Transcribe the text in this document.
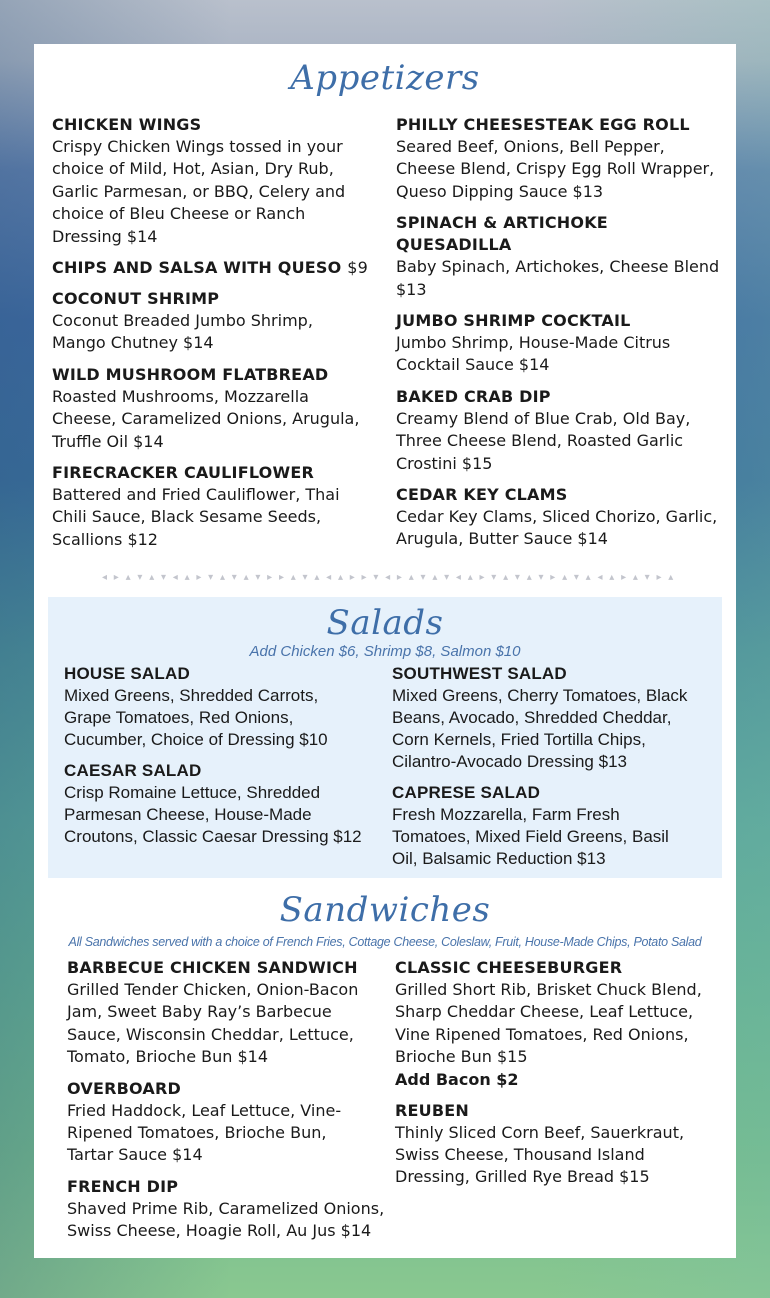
Appetizers
CHICKEN WINGS
Crispy Chicken Wings tossed in your choice of Mild, Hot, Asian, Dry Rub, Garlic Parmesan, or BBQ, Celery and choice of Bleu Cheese or Ranch Dressing $14
CHIPS AND SALSA WITH QUESO $9
COCONUT SHRIMP
Coconut Breaded Jumbo Shrimp, Mango Chutney $14
WILD MUSHROOM FLATBREAD
Roasted Mushrooms, Mozzarella Cheese, Caramelized Onions, Arugula, Truffle Oil $14
FIRECRACKER CAULIFLOWER
Battered and Fried Cauliflower, Thai Chili Sauce, Black Sesame Seeds, Scallions $12
PHILLY CHEESESTEAK EGG ROLL
Seared Beef, Onions, Bell Pepper, Cheese Blend, Crispy Egg Roll Wrapper, Queso Dipping Sauce $13
SPINACH & ARTICHOKE QUESADILLA
Baby Spinach, Artichokes, Cheese Blend $13
JUMBO SHRIMP COCKTAIL
Jumbo Shrimp, House-Made Citrus Cocktail Sauce $14
BAKED CRAB DIP
Creamy Blend of Blue Crab, Old Bay, Three Cheese Blend, Roasted Garlic Crostini $15
CEDAR KEY CLAMS
Cedar Key Clams, Sliced Chorizo, Garlic, Arugula, Butter Sauce $14
◂ ▸ ▴ ▾ ▴ ▾ ◂ ▴ ▸ ▾ ▴ ▾ ▴ ▾ ▸ ▸ ▴ ▾ ▴ ◂ ▴ ▸ ▸ ▾ ◂ ▸ ▴ ▾ ▴ ▾ ◂ ▴ ▸ ▾ ▴ ▾ ▴ ▾ ▸ ▴ ▾ ▴ ◂ ▴ ▸ ▴ ▾ ▸ ▴
Salads
Add Chicken $6, Shrimp $8, Salmon $10
HOUSE SALAD
Mixed Greens, Shredded Carrots, Grape Tomatoes, Red Onions, Cucumber, Choice of Dressing $10
CAESAR SALAD
Crisp Romaine Lettuce, Shredded Parmesan Cheese, House-Made Croutons, Classic Caesar Dressing $12
SOUTHWEST SALAD
Mixed Greens, Cherry Tomatoes, Black Beans, Avocado, Shredded Cheddar, Corn Kernels, Fried Tortilla Chips, Cilantro-Avocado Dressing $13
CAPRESE SALAD
Fresh Mozzarella, Farm Fresh Tomatoes, Mixed Field Greens, Basil Oil, Balsamic Reduction $13
Sandwiches
All Sandwiches served with a choice of French Fries, Cottage Cheese, Coleslaw, Fruit, House-Made Chips, Potato Salad
BARBECUE CHICKEN SANDWICH
Grilled Tender Chicken, Onion-Bacon Jam, Sweet Baby Ray’s Barbecue Sauce, Wisconsin Cheddar, Lettuce, Tomato, Brioche Bun $14
OVERBOARD
Fried Haddock, Leaf Lettuce, Vine-Ripened Tomatoes, Brioche Bun, Tartar Sauce $14
FRENCH DIP
Shaved Prime Rib, Caramelized Onions, Swiss Cheese, Hoagie Roll, Au Jus $14
CLASSIC CHEESEBURGER
Grilled Short Rib, Brisket Chuck Blend, Sharp Cheddar Cheese, Leaf Lettuce, Vine Ripened Tomatoes, Red Onions, Brioche Bun $15
Add Bacon $2
REUBEN
Thinly Sliced Corn Beef, Sauerkraut, Swiss Cheese, Thousand Island Dressing, Grilled Rye Bread $15
